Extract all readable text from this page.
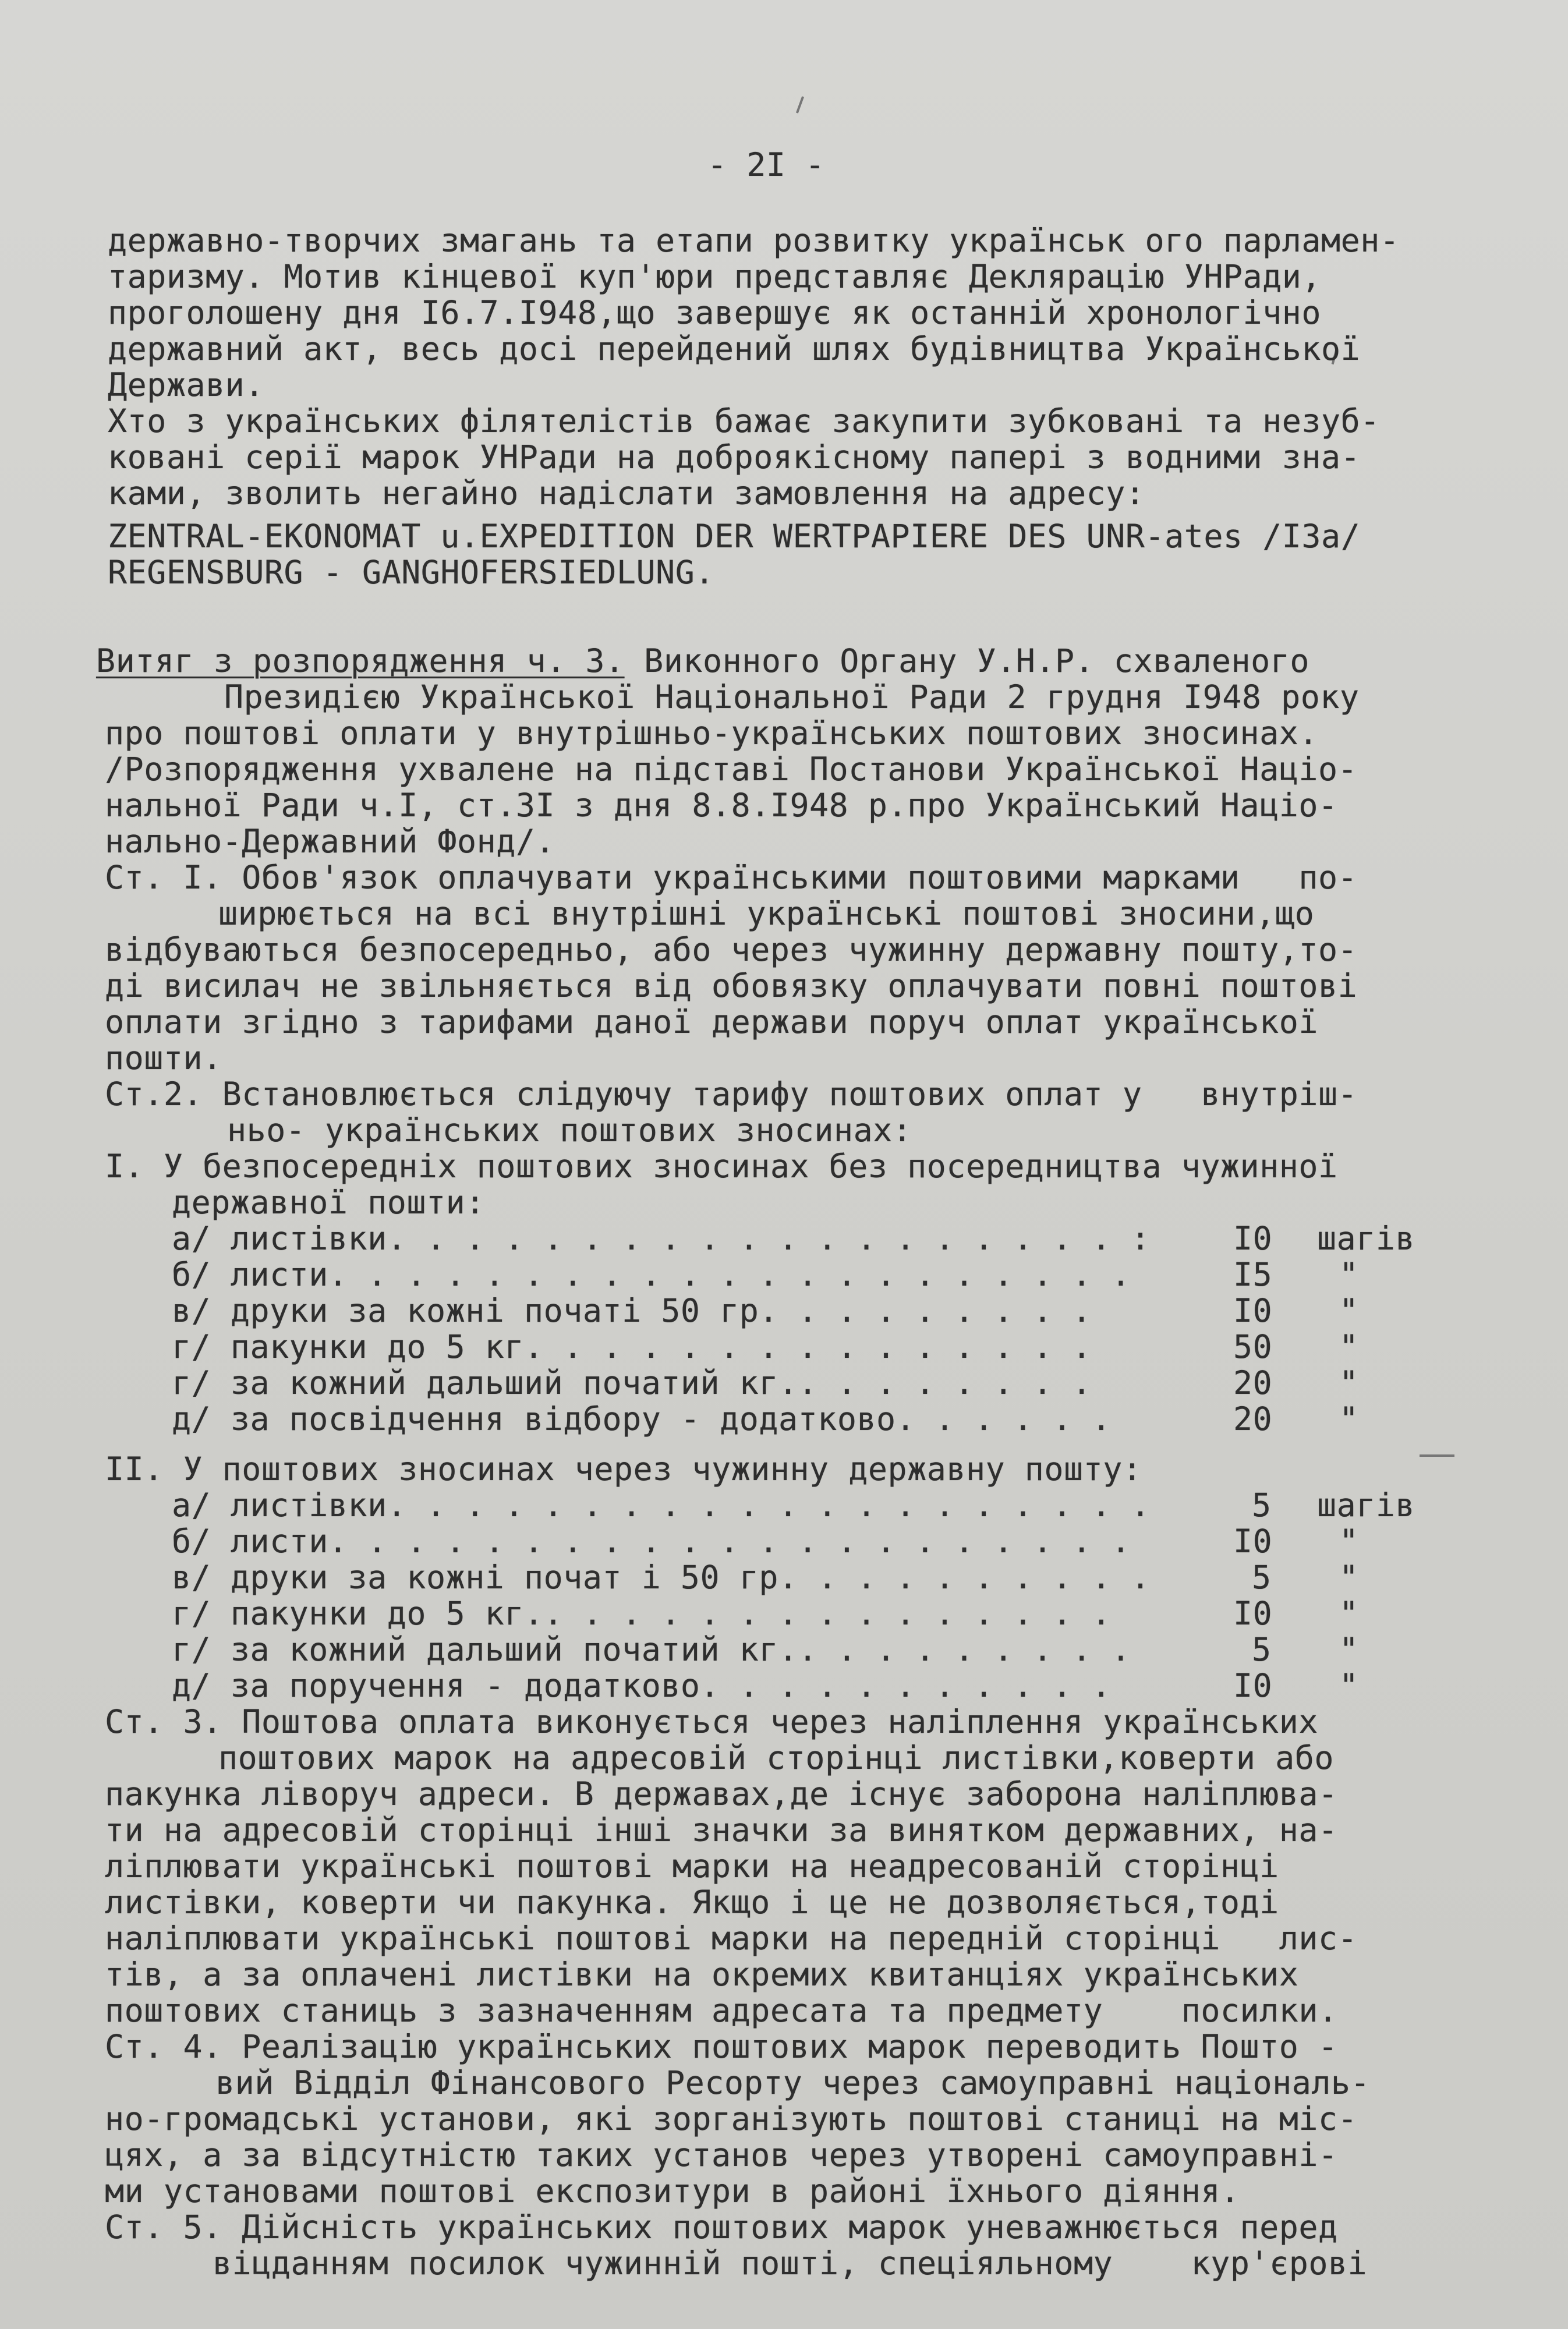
- 2I -
державно-творчих змагань та етапи розвитку українськ ого парламен-
таризму. Мотив кінцевої куп'юри представляє Деклярацію УНРади,
проголошену дня І6.7.І948,що завершує як останній хронологічно
державний акт, весь досі перейдений шлях будівництва Української
Держави.
Хто з українських філятелістів бажає закупити зубковані та незуб-
ковані серії марок УНРади на доброякісному папері з водними зна-
ками, зволить негайно надіслати замовлення на адресу:
ZENTRAL-EKONOMAT u.EXPEDITION DER WERTPAPIERE DES UNR-ates /I3a/
REGENSBURG - GANGHOFERSIEDLUNG.
Витяг з розпорядження ч. 3. Виконного Органу У.Н.Р. схваленого
Президією Української Національної Ради 2 грудня І948 року
про поштові оплати у внутрішньо-українських поштових зносинах.
/Розпорядження ухвалене на підставі Постанови Української Націо-
нальної Ради ч.І, ст.3І з дня 8.8.І948 р.про Український Націо-
нально-Державний Фонд/.
Ст. І. Обов'язок оплачувати українськими поштовими марками   по-
ширюється на всі внутрішні українські поштові зносини,що
відбуваються безпосередньо, або через чужинну державну пошту,то-
ді висилач не звільняється від обовязку оплачувати повні поштові
оплати згідно з тарифами даної держави поруч оплат української
пошти.
Ст.2. Встановлюється слідуючу тарифу поштових оплат у   внутріш-
ньо- українських поштових зносинах:
I. У безпосередніх поштових зносинах без посередництва чужинної
державної пошти:
а/ листівки. . . . . . . . . . . . . . . . . . . :	I0 шагів
б/ листи. . . . . . . . . . . . . . . . . . . . .	I5 "
в/ друки за кожні початі 50 гр. . . . . . . . .	I0 "
г/ пакунки до 5 кг. . . . . . . . . . . . . . .	50 "
г/ за кожний дальший початий кг.. . . . . . . .	20 "
д/ за посвідчення відбору - додатково. . . . . .	20 "
II. У поштових зносинах через чужинну державну пошту:
а/ листівки. . . . . . . . . . . . . . . . . . . .	5 шагів
б/ листи. . . . . . . . . . . . . . . . . . . . .	I0 "
в/ друки за кожні почат і 50 гр. . . . . . . . . .	5 "
г/ пакунки до 5 кг.. . . . . . . . . . . . . . .	I0 "
г/ за кожний дальший початий кг.. . . . . . . . .	5 "
д/ за поручення - додатково. . . . . . . . . . .	I0 "
Ст. 3. Поштова оплата виконується через наліплення українських
поштових марок на адресовій сторінці листівки,коверти або
пакунка ліворуч адреси. В державах,де існує заборона наліплюва-
ти на адресовій сторінці інші значки за винятком державних, на-
ліплювати українські поштові марки на неадресованій сторінці
листівки, коверти чи пакунка. Якщо і це не дозволяється,тоді
наліплювати українські поштові марки на передній сторінці   лис-
тів, а за оплачені листівки на окремих квитанціях українських
поштових станиць з зазначенням адресата та предмету    посилки.
Ст. 4. Реалізацію українських поштових марок переводить Пошто -
вий Відділ Фінансового Ресорту через самоуправні національ-
но-громадські установи, які зорганізують поштові станиці на міс-
цях, а за відсутністю таких установ через утворені самоуправні-
ми установами поштові експозитури в районі їхнього діяння.
Ст. 5. Дійсність українських поштових марок уневажнюється перед
віцданням посилок чужинній пошті, спеціяльному    кур'єрові
